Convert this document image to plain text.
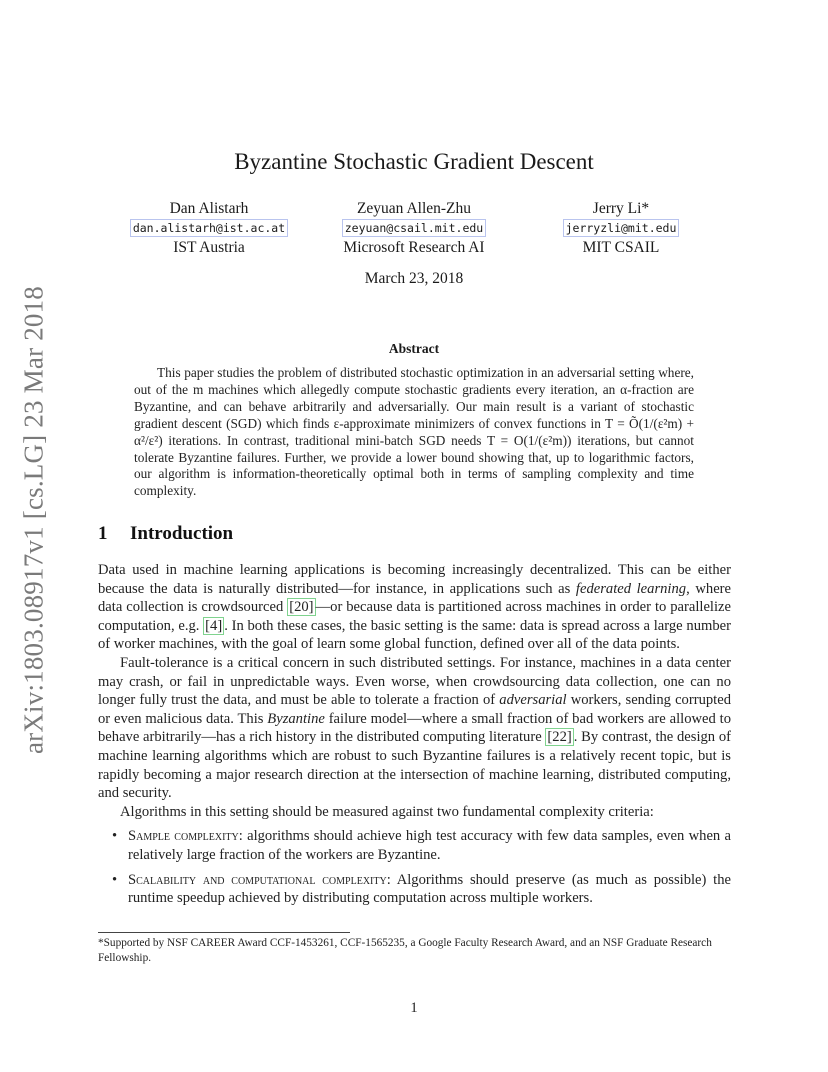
arXiv:1803.08917v1 [cs.LG] 23 Mar 2018
Byzantine Stochastic Gradient Descent
Dan Alistarh
dan.alistarh@ist.ac.at
IST Austria
Zeyuan Allen-Zhu
zeyuan@csail.mit.edu
Microsoft Research AI
Jerry Li*
jerryzli@mit.edu
MIT CSAIL
March 23, 2018
Abstract
This paper studies the problem of distributed stochastic optimization in an adversarial setting where, out of the m machines which allegedly compute stochastic gradients every iteration, an α-fraction are Byzantine, and can behave arbitrarily and adversarially. Our main result is a variant of stochastic gradient descent (SGD) which finds ε-approximate minimizers of convex functions in T = Õ(1/(ε²m) + α²/ε²) iterations. In contrast, traditional mini-batch SGD needs T = O(1/(ε²m)) iterations, but cannot tolerate Byzantine failures. Further, we provide a lower bound showing that, up to logarithmic factors, our algorithm is information-theoretically optimal both in terms of sampling complexity and time complexity.
1 Introduction

Data used in machine learning applications is becoming increasingly decentralized. This can be either because the data is naturally distributed—for instance, in applications such as federated learning, where data collection is crowdsourced [20] —or because data is partitioned across machines in order to parallelize computation, e.g. [4] . In both these cases, the basic setting is the same: data is spread across a large number of worker machines, with the goal of learn some global function, defined over all of the data points.

Fault-tolerance is a critical concern in such distributed settings. For instance, machines in a data center may crash, or fail in unpredictable ways. Even worse, when crowdsourcing data collection, one can no longer fully trust the data, and must be able to tolerate a fraction of adversarial workers, sending corrupted or even malicious data. This Byzantine failure model—where a small fraction of bad workers are allowed to behave arbitrarily—has a rich history in the distributed computing literature [22] . By contrast, the design of machine learning algorithms which are robust to such Byzantine failures is a relatively recent topic, but is rapidly becoming a major research direction at the intersection of machine learning, distributed computing, and security.

Algorithms in this setting should be measured against two fundamental complexity criteria:

• Sample complexity: algorithms should achieve high test accuracy with few data samples, even when a relatively large fraction of the workers are Byzantine.
• Scalability and computational complexity: Algorithms should preserve (as much as possible) the runtime speedup achieved by distributing computation across multiple workers.
*Supported by NSF CAREER Award CCF-1453261, CCF-1565235, a Google Faculty Research Award, and an NSF Graduate Research Fellowship.
1
